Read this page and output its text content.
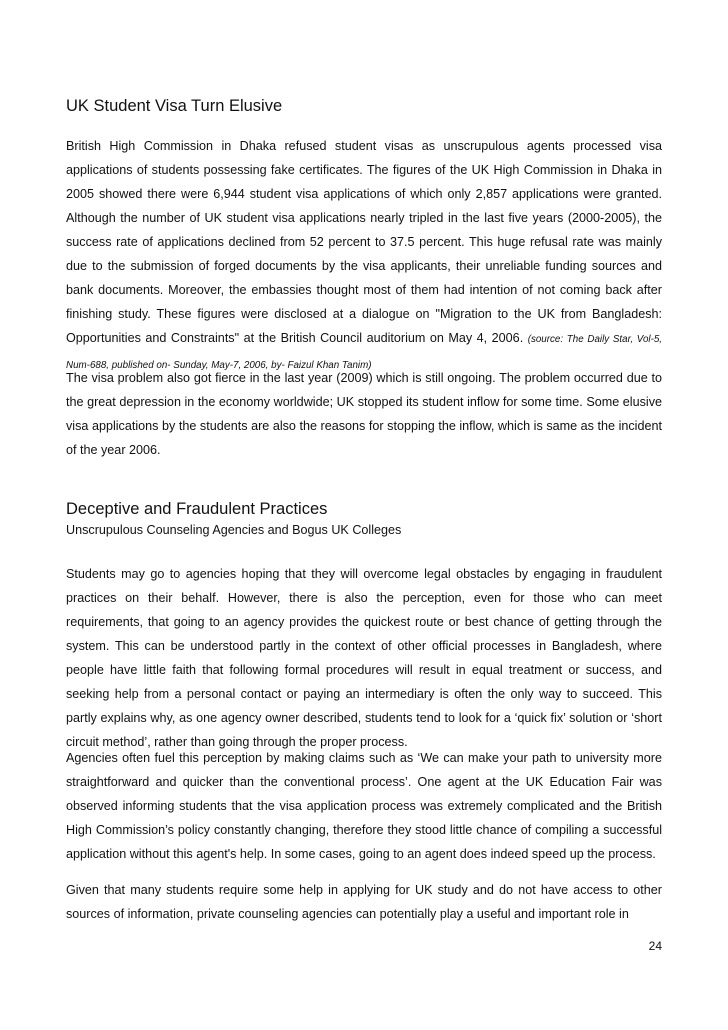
UK Student Visa Turn Elusive

British High Commission in Dhaka refused student visas as unscrupulous agents processed visa applications of students possessing fake certificates. The figures of the UK High Commission in Dhaka in 2005 showed there were 6,944 student visa applications of which only 2,857 applications were granted. Although the number of UK student visa applications nearly tripled in the last five years (2000-2005), the success rate of applications declined from 52 percent to 37.5 percent. This huge refusal rate was mainly due to the submission of forged documents by the visa applicants, their unreliable funding sources and bank documents. Moreover, the embassies thought most of them had intention of not coming back after finishing study. These figures were disclosed at a dialogue on "Migration to the UK from Bangladesh: Opportunities and Constraints" at the British Council auditorium on May 4, 2006. (source: The Daily Star, Vol-5, Num-688, published on- Sunday, May-7, 2006, by- Faizul Khan Tanim)

The visa problem also got fierce in the last year (2009) which is still ongoing. The problem occurred due to the great depression in the economy worldwide; UK stopped its student inflow for some time. Some elusive visa applications by the students are also the reasons for stopping the inflow, which is same as the incident of the year 2006.

Deceptive and Fraudulent Practices
Unscrupulous Counseling Agencies and Bogus UK Colleges

Students may go to agencies hoping that they will overcome legal obstacles by engaging in fraudulent practices on their behalf. However, there is also the perception, even for those who can meet requirements, that going to an agency provides the quickest route or best chance of getting through the system. This can be understood partly in the context of other official processes in Bangladesh, where people have little faith that following formal procedures will result in equal treatment or success, and seeking help from a personal contact or paying an intermediary is often the only way to succeed. This partly explains why, as one agency owner described, students tend to look for a ‘quick fix’ solution or ‘short circuit method’, rather than going through the proper process.

Agencies often fuel this perception by making claims such as ‘We can make your path to university more straightforward and quicker than the conventional process’. One agent at the UK Education Fair was observed informing students that the visa application process was extremely complicated and the British High Commission’s policy constantly changing, therefore they stood little chance of compiling a successful application without this agent's help. In some cases, going to an agent does indeed speed up the process.

Given that many students require some help in applying for UK study and do not have access to other sources of information, private counseling agencies can potentially play a useful and important role in

24
